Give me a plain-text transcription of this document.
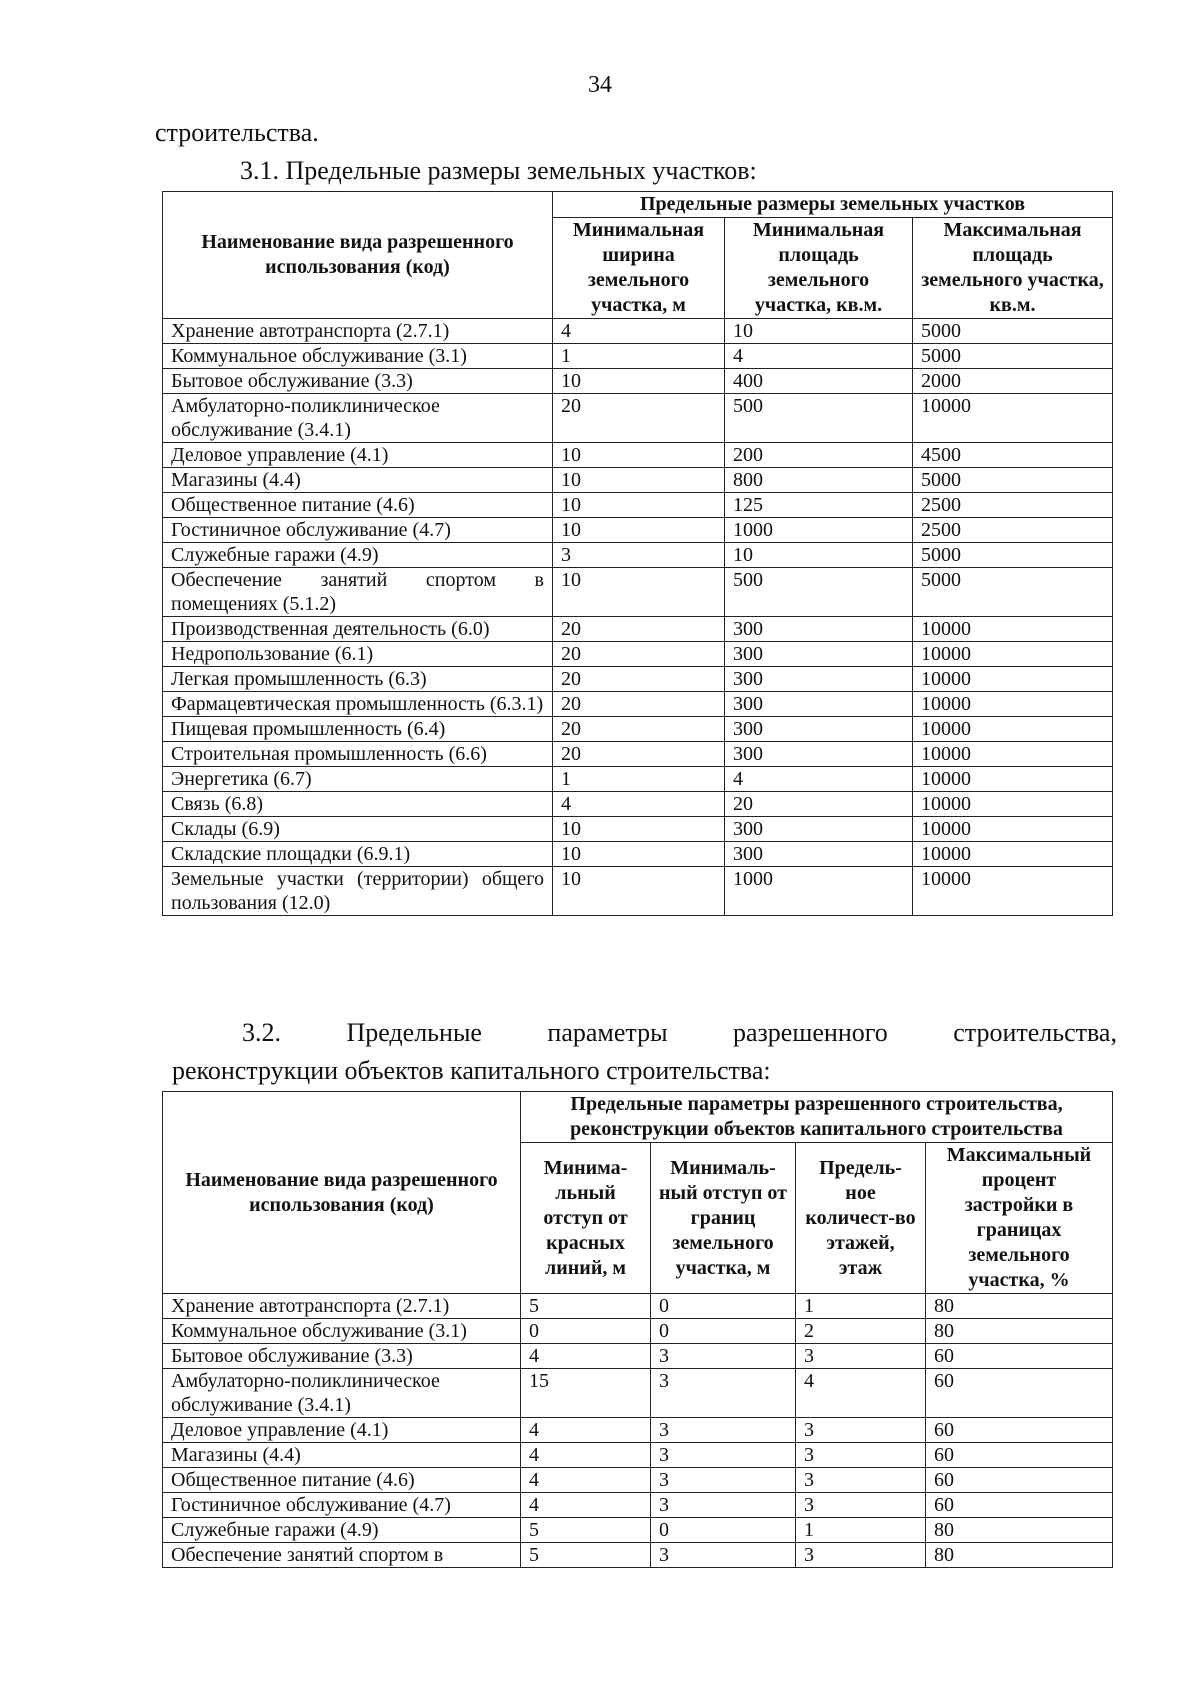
34
строительства.
3.1. Предельные размеры земельных участков:
Наименование вида разрешенного использования (код)	Предельные размеры земельных участков		
	Минимальная ширина земельного участка, м	Минимальная площадь земельного участка, кв.м.	Максимальная площадь земельного участка, кв.м.
Хранение автотранспорта (2.7.1)	4	10	5000
Коммунальное обслуживание (3.1)	1	4	5000
Бытовое обслуживание (3.3)	10	400	2000
Амбулаторно-поликлиническое обслуживание (3.4.1)	20	500	10000
Деловое управление (4.1)	10	200	4500
Магазины (4.4)	10	800	5000
Общественное питание (4.6)	10	125	2500
Гостиничное обслуживание (4.7)	10	1000	2500
Служебные гаражи (4.9)	3	10	5000
Обеспечение занятий спортом в помещениях (5.1.2)	10	500	5000
Производственная деятельность (6.0)	20	300	10000
Недропользование (6.1)	20	300	10000
Легкая промышленность (6.3)	20	300	10000
Фармацевтическая промышленность (6.3.1)	20	300	10000
Пищевая промышленность (6.4)	20	300	10000
Строительная промышленность (6.6)	20	300	10000
Энергетика (6.7)	1	4	10000
Связь (6.8)	4	20	10000
Склады (6.9)	10	300	10000
Складские площадки (6.9.1)	10	300	10000
Земельные участки (территории) общего пользования (12.0)	10	1000	10000
3.2.	Предельные	параметры	разрешенного	строительства,
реконструкции объектов капитального строительства:
Наименование вида разрешенного использования (код)	Предельные параметры разрешенного строительства, реконструкции объектов капитального строительства			
	Минима-льный отступ от красных линий, м	Минималь-ный отступ от границ земельного участка, м	Предель-ное количест-во этажей, этаж	Максимальный процент застройки в границах земельного участка, %
Хранение автотранспорта (2.7.1)	5	0	1	80
Коммунальное обслуживание (3.1)	0	0	2	80
Бытовое обслуживание (3.3)	4	3	3	60
Амбулаторно-поликлиническое обслуживание (3.4.1)	15	3	4	60
Деловое управление (4.1)	4	3	3	60
Магазины (4.4)	4	3	3	60
Общественное питание (4.6)	4	3	3	60
Гостиничное обслуживание (4.7)	4	3	3	60
Служебные гаражи (4.9)	5	0	1	80
Обеспечение занятий спортом в	5	3	3	80
